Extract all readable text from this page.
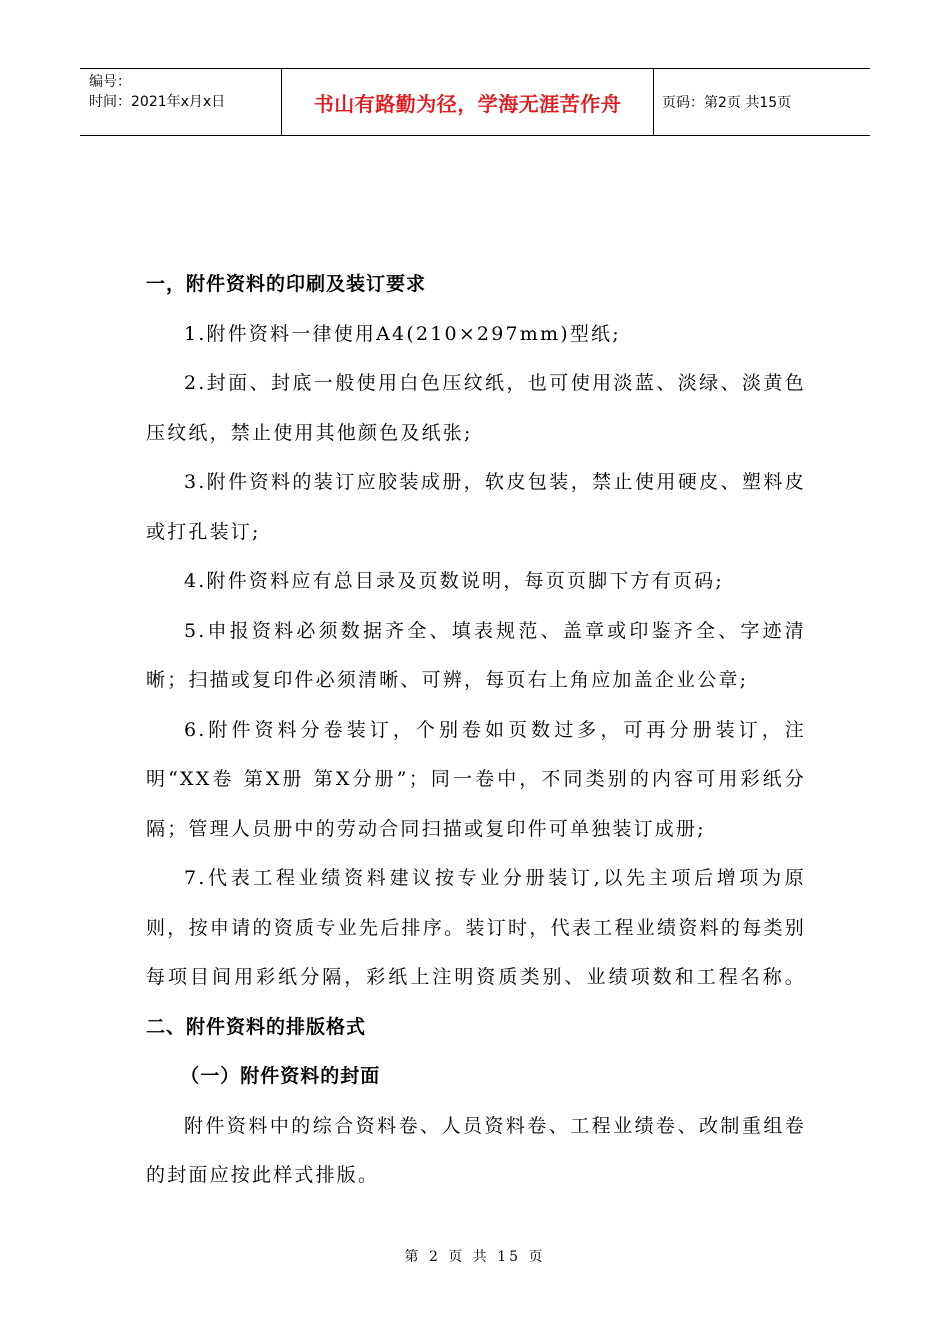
编号：
时间：2021年x月x日	书山有路勤为径，学海无涯苦作舟	页码：第2页 共15页

一，附件资料的印刷及装订要求

1.附件资料一律使用A4(210×297mm)型纸;

2.封面、封底一般使用白色压纹纸，也可使用淡蓝、淡绿、淡黄色压纹纸，禁止使用其他颜色及纸张;

3.附件资料的装订应胶装成册，软皮包装，禁止使用硬皮、塑料皮或打孔装订;

4.附件资料应有总目录及页数说明，每页页脚下方有页码;

5.申报资料必须数据齐全、填表规范、盖章或印鉴齐全、字迹清晰；扫描或复印件必须清晰、可辨，每页右上角应加盖企业公章;

6.附件资料分卷装订，个别卷如页数过多，可再分册装订，注明“XX卷 第X册 第X分册”；同一卷中，不同类别的内容可用彩纸分隔；管理人员册中的劳动合同扫描或复印件可单独装订成册;

7.代表工程业绩资料建议按专业分册装订,以先主项后增项为原则，按申请的资质专业先后排序。装订时，代表工程业绩资料的每类别每项目间用彩纸分隔，彩纸上注明资质类别、业绩项数和工程名称。二、附件资料的排版格式

（一）附件资料的封面

附件资料中的综合资料卷、人员资料卷、工程业绩卷、改制重组卷的封面应按此样式排版。

第 2 页 共 15 页
